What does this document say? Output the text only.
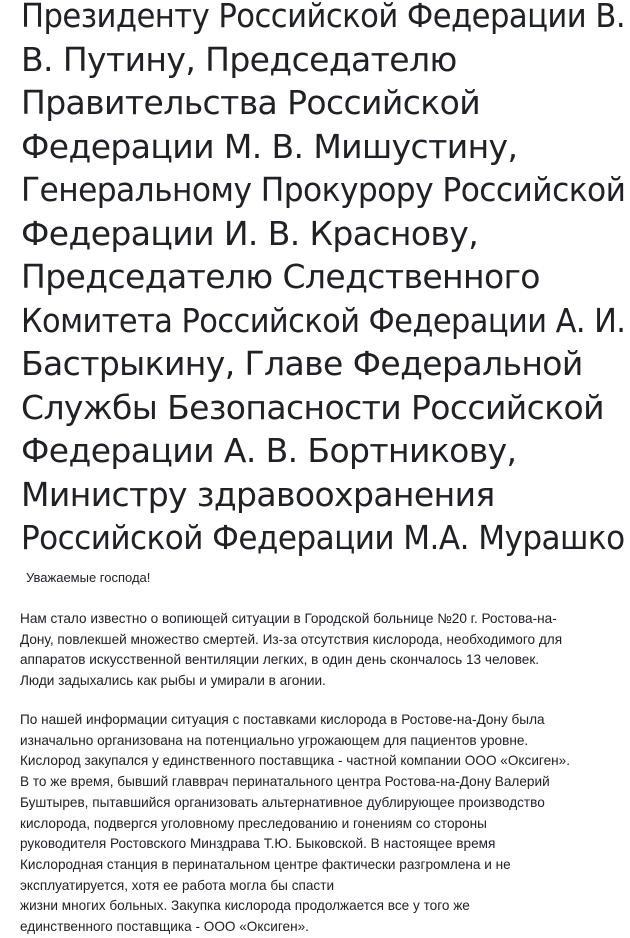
Президенту Российской Федерации В.
В. Путину, Председателю
Правительства Российской
Федерации М. В. Мишустину,
Генеральному Прокурору Российской
Федерации И. В. Краснову,
Председателю Следственного
Комитета Российской Федерации А. И.
Бастрыкину, Главе Федеральной
Службы Безопасности Российской
Федерации А. В. Бортникову,
Министру здравоохранения
Российской Федерации М.А. Мурашко
Уважаемые господа!
Нам стало известно о вопиющей ситуации в Городской больнице №20 г. Ростова-на-
Дону, повлекшей множество смертей. Из-за отсутствия кислорода, необходимого для
аппаратов искусственной вентиляции легких, в один день скончалось 13 человек.
Люди задыхались как рыбы и умирали в агонии.
По нашей информации ситуация с поставками кислорода в Ростове-на-Дону была
изначально организована на потенциально угрожающем для пациентов уровне.
Кислород закупался у единственного поставщика - частной компании ООО «Оксиген».
В то же время, бывший главврач перинатального центра Ростова-на-Дону Валерий
Буштырев, пытавшийся организовать альтернативное дублирующее производство
кислорода, подвергся уголовному преследованию и гонениям со стороны
руководителя Ростовского Минздрава Т.Ю. Быковской. В настоящее время
Кислородная станция в перинатальном центре фактически разгромлена и не
эксплуатируется, хотя ее работа могла бы спасти
жизни многих больных. Закупка кислорода продолжается все у того же
единственного поставщика - ООО «Оксиген».
